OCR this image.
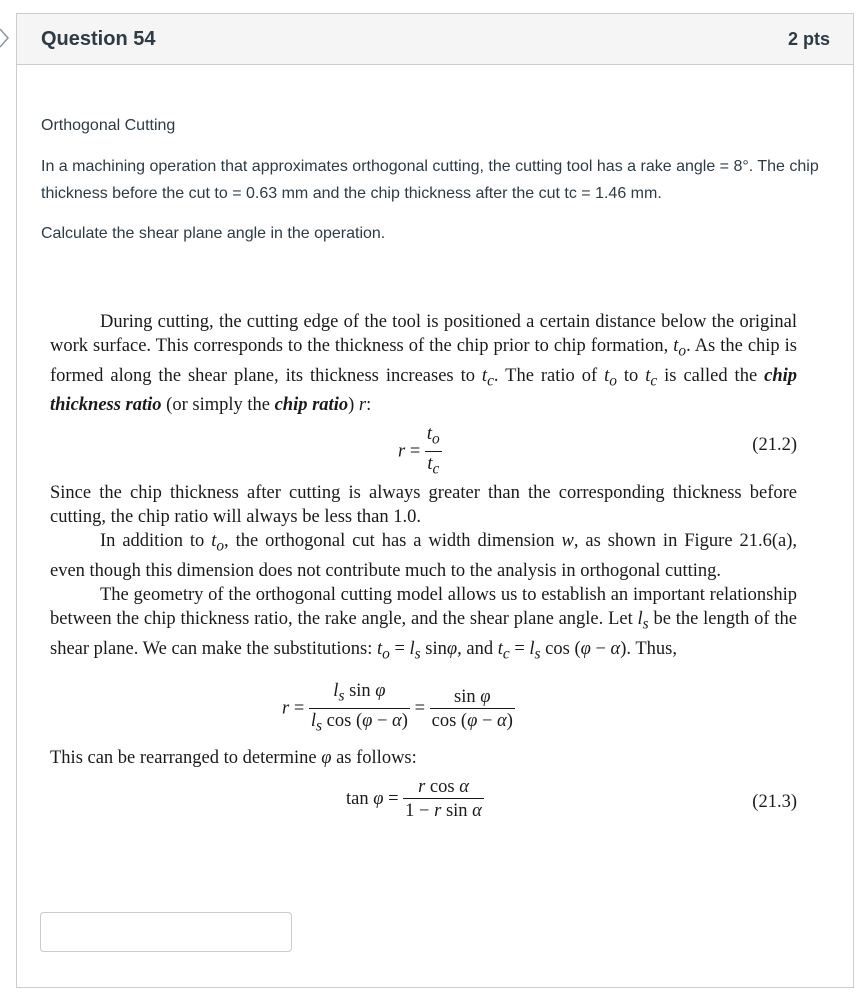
Question 54	2 pts

Orthogonal Cutting

In a machining operation that approximates orthogonal cutting, the cutting tool has a rake angle = 8°. The chip thickness before the cut to = 0.63 mm and the chip thickness after the cut tc = 1.46 mm.

Calculate the shear plane angle in the operation.

During cutting, the cutting edge of the tool is positioned a certain distance below the original work surface. This corresponds to the thickness of the chip prior to chip formation, $t_o$. As the chip is formed along the shear plane, its thickness increases to $t_c$. The ratio of $t_o$ to $t_c$ is called the chip thickness ratio (or simply the chip ratio) r:

$r = \frac{t_o}{t_c}$	(21.2)

Since the chip thickness after cutting is always greater than the corresponding thickness before cutting, the chip ratio will always be less than 1.0.

In addition to $t_o$, the orthogonal cut has a width dimension w, as shown in Figure 21.6(a), even though this dimension does not contribute much to the analysis in orthogonal cutting.

The geometry of the orthogonal cutting model allows us to establish an important relationship between the chip thickness ratio, the rake angle, and the shear plane angle. Let $l_s$ be the length of the shear plane. We can make the substitutions: $t_o = l_s$ sinφ, and $t_c = l_s$ cos (φ − α). Thus,

$r = \frac{l_s \sin \varphi}{l_s \cos (\varphi - \alpha)} = \frac{\text{sin φ}}{\cos (\varphi - \alpha)}$

This can be rearranged to determine φ as follows:

$\tan \varphi = \frac{\text{r cos α}}{\text{1 − r sin α}}$	(21.3)
